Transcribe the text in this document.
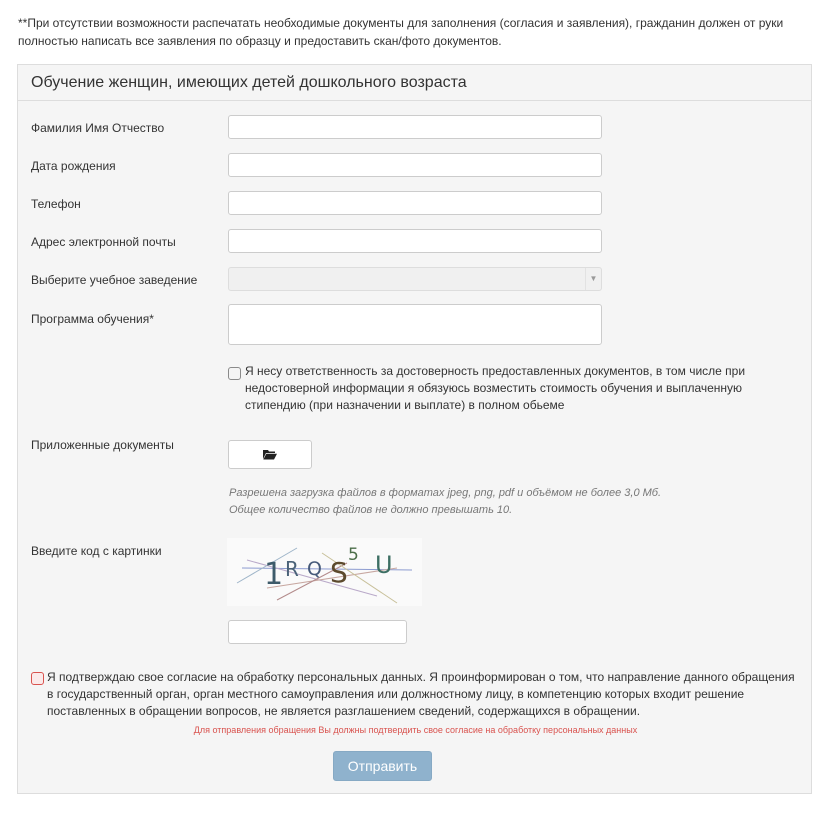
**При отсутствии возможности распечатать необходимые документы для заполнения (согласия и заявления), гражданин должен от руки полностью написать все заявления по образцу и предоставить скан/фото документов.
Обучение женщин, имеющих детей дошкольного возраста
Фамилия Имя Отчество
Дата рождения
Телефон
Адрес электронной почты
Выберите учебное заведение	▼
Программа обучения*
Я несу ответственность за достоверность предоставленных документов, в том числе при недостоверной информации я обязуюсь возместить стоимость обучения и выплаченную стипендию (при назначении и выплате) в полном обьеме
Приложенные документы
Разрешена загрузка файлов в форматах jpeg, png, pdf и объёмом не более 3,0 Мб.
Общее количество файлов не должно превышать 10.
Введите код с картинки
1 R Q S
5 U
Я подтверждаю свое согласие на обработку персональных данных. Я проинформирован о том, что направление данного обращения в государственный орган, орган местного самоуправления или должностному лицу, в компетенцию которых входит решение поставленных в обращении вопросов, не является разглашением сведений, содержащихся в обращении.
Для отправления обращения Вы должны подтвердить свое согласие на обработку персональных данных
Отправить
